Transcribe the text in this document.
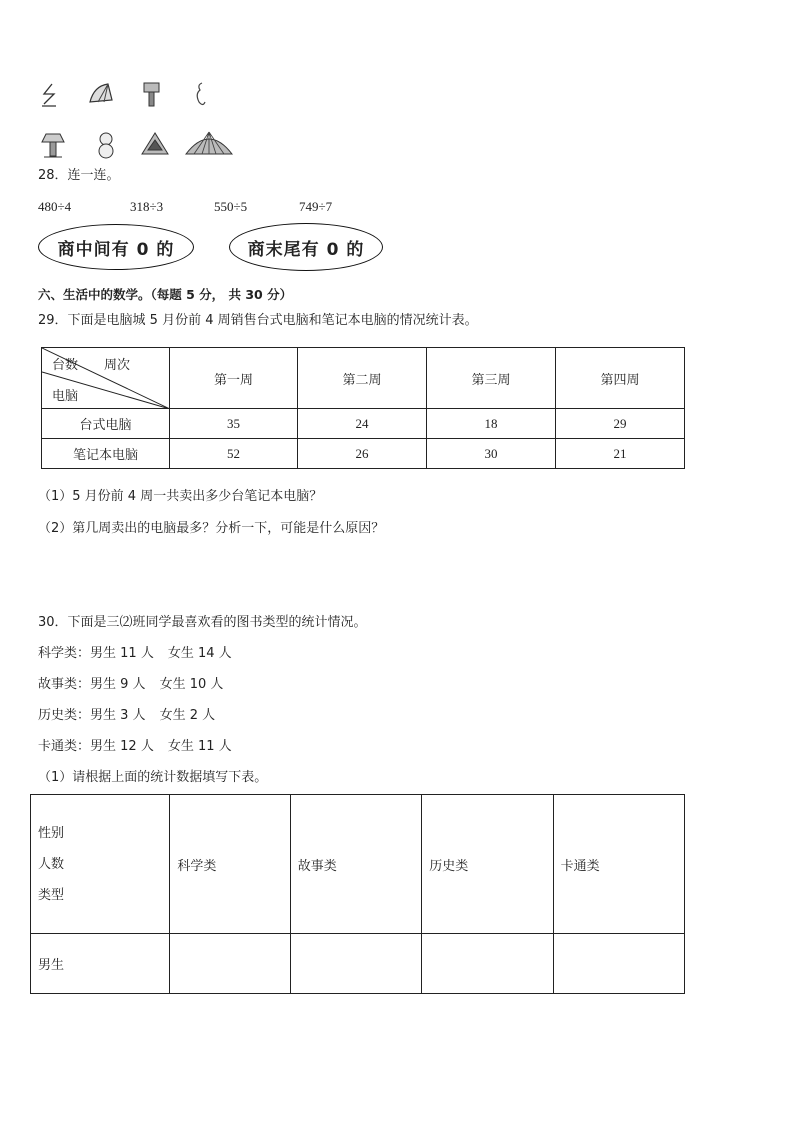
28．连一连。
480÷4	318÷3	550÷5	749÷7
商中间有 0 的	商末尾有 0 的
六、生活中的数学。（每题 5 分， 共 30 分）
29．下面是电脑城 5 月份前 4 周销售台式电脑和笔记本电脑的情况统计表。
台数 周次
电脑	第一周	第二周	第三周	第四周
台式电脑	35	24	18	29
笔记本电脑	52	26	30	21
（1）5 月份前 4 周一共卖出多少台笔记本电脑？
（2）第几周卖出的电脑最多？分析一下，可能是什么原因？
30．下面是三⑵班同学最喜欢看的图书类型的统计情况。
科学类：男生 11 人 女生 14 人
故事类：男生 9 人 女生 10 人
历史类：男生 3 人 女生 2 人
卡通类：男生 12 人 女生 11 人
（1）请根据上面的统计数据填写下表。
性别
人数
类型	科学类	故事类	历史类	卡通类
男生				
